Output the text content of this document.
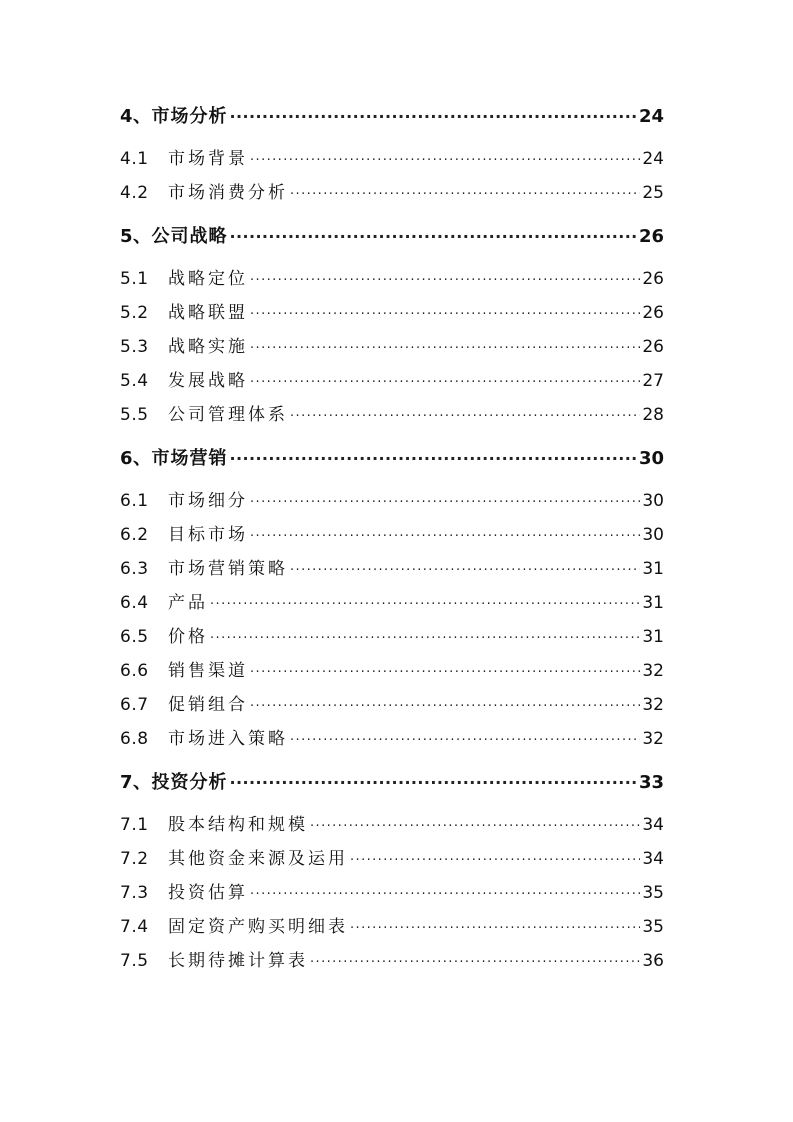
4、 市场分析 ·····	24
4.1	市场背景 ·····	24
4.2	市场消费分析 ·····	25
5、 公司战略 ·····	26
5.1	战略定位 ·····	26
5.2	战略联盟 ·····	26
5.3	战略实施 ·····	26
5.4	发展战略 ·····	27
5.5	公司管理体系 ·····	28
6、 市场营销 ·····	30
6.1	市场细分 ·····	30
6.2	目标市场 ·····	30
6.3	市场营销策略 ·····	31
6.4	产品 ·····	31
6.5	价格 ·····	31
6.6	销售渠道 ·····	32
6.7	促销组合 ·····	32
6.8	市场进入策略 ·····	32
7、 投资分析 ·····	33
7.1	股本结构和规模 ·····	34
7.2	其他资金来源及运用 ·····	34
7.3	投资估算 ·····	35
7.4	固定资产购买明细表 ·····	35
7.5	长期待摊计算表 ·····	36
